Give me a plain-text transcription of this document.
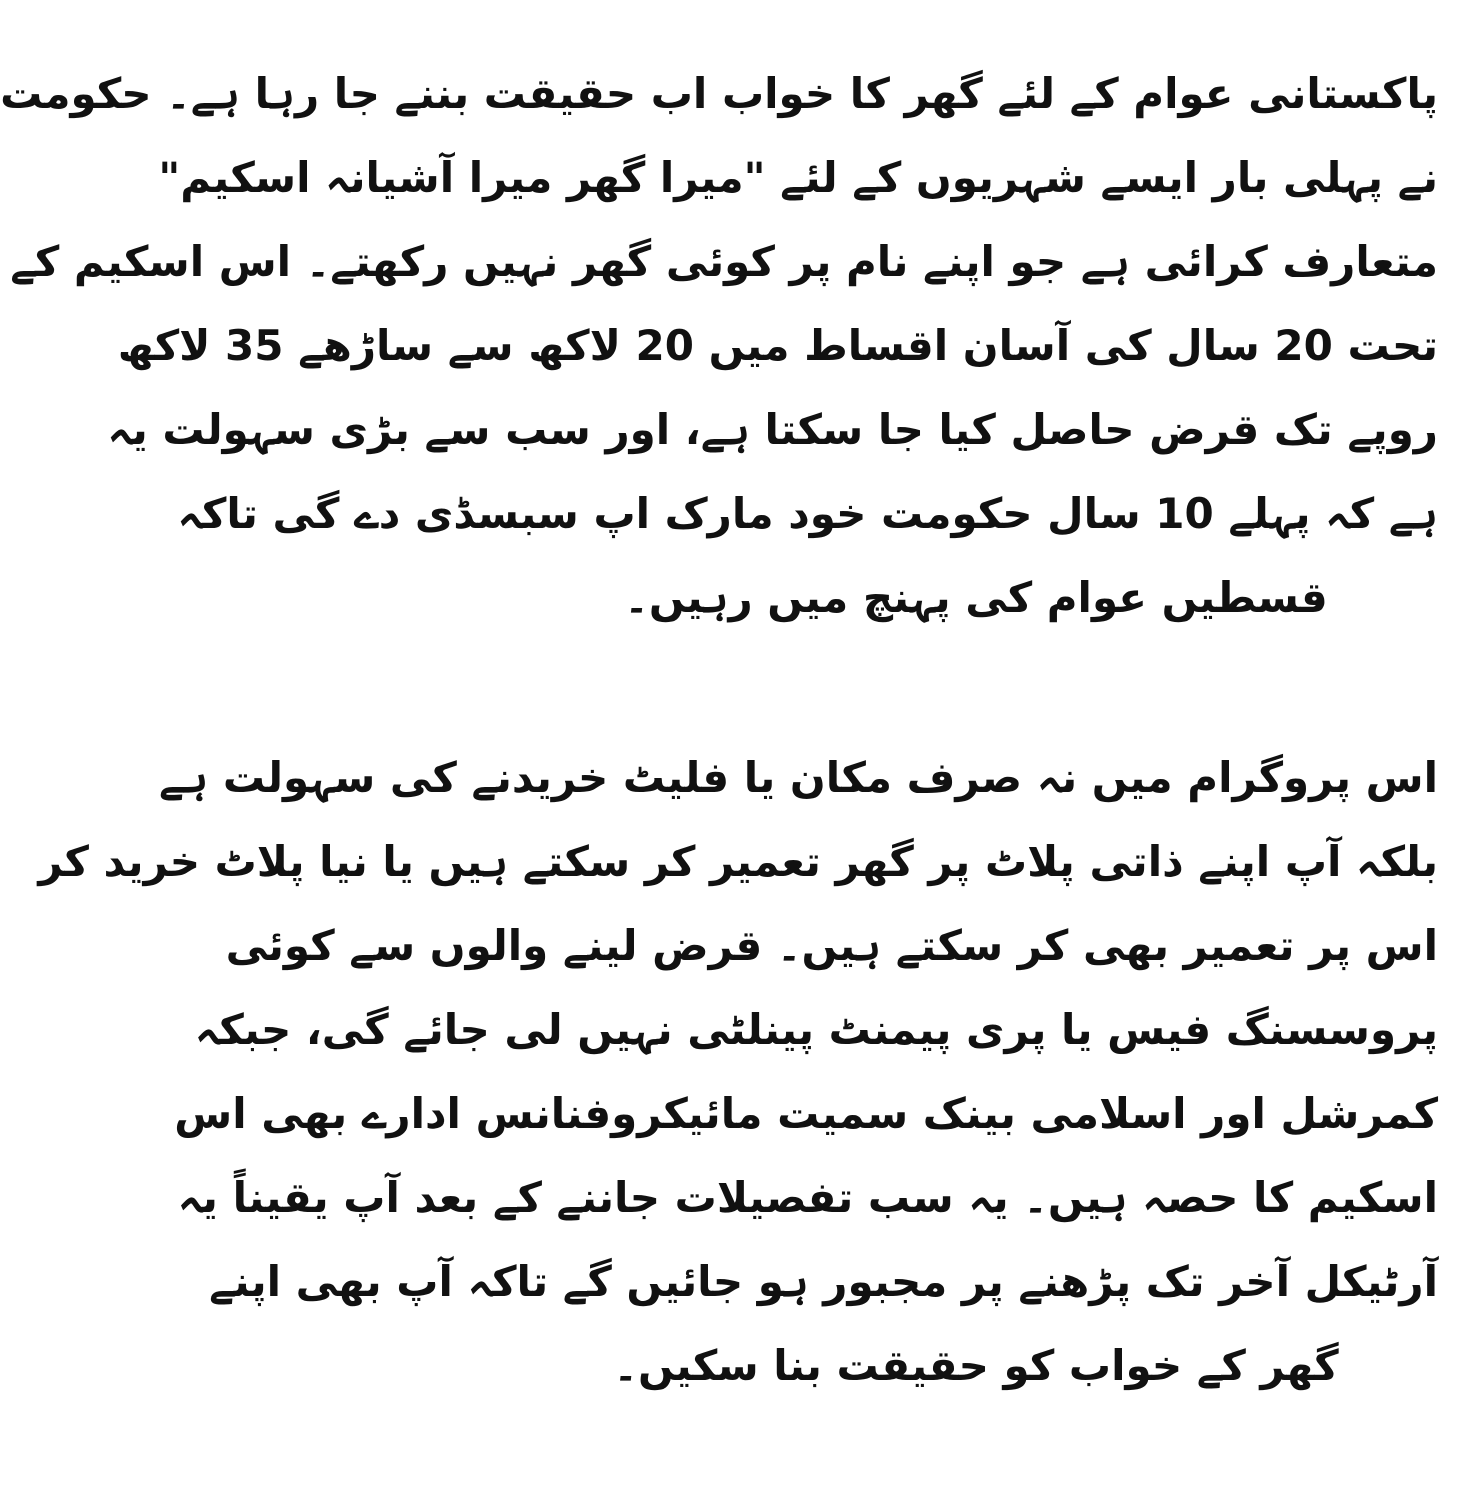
پاکستانی عوام کے لئے گھر کا خواب اب حقیقت بننے جا رہا ہے۔ حکومت
نے پہلی بار ایسے شہریوں کے لئے "میرا گھر میرا آشیانہ اسکیم"
متعارف کرائی ہے جو اپنے نام پر کوئی گھر نہیں رکھتے۔ اس اسکیم کے
تحت 20 سال کی آسان اقساط میں 20 لاکھ سے ساڑھے 35 لاکھ
روپے تک قرض حاصل کیا جا سکتا ہے، اور سب سے بڑی سہولت یہ
ہے کہ پہلے 10 سال حکومت خود مارک اپ سبسڈی دے گی تاکہ
قسطیں عوام کی پہنچ میں رہیں۔
اس پروگرام میں نہ صرف مکان یا فلیٹ خریدنے کی سہولت ہے
بلکہ آپ اپنے ذاتی پلاٹ پر گھر تعمیر کر سکتے ہیں یا نیا پلاٹ خرید کر
اس پر تعمیر بھی کر سکتے ہیں۔ قرض لینے والوں سے کوئی
پروسسنگ فیس یا پری پیمنٹ پینلٹی نہیں لی جائے گی، جبکہ
کمرشل اور اسلامی بینک سمیت مائیکروفنانس ادارے بھی اس
اسکیم کا حصہ ہیں۔ یہ سب تفصیلات جاننے کے بعد آپ یقیناً یہ
آرٹیکل آخر تک پڑھنے پر مجبور ہو جائیں گے تاکہ آپ بھی اپنے
گھر کے خواب کو حقیقت بنا سکیں۔
